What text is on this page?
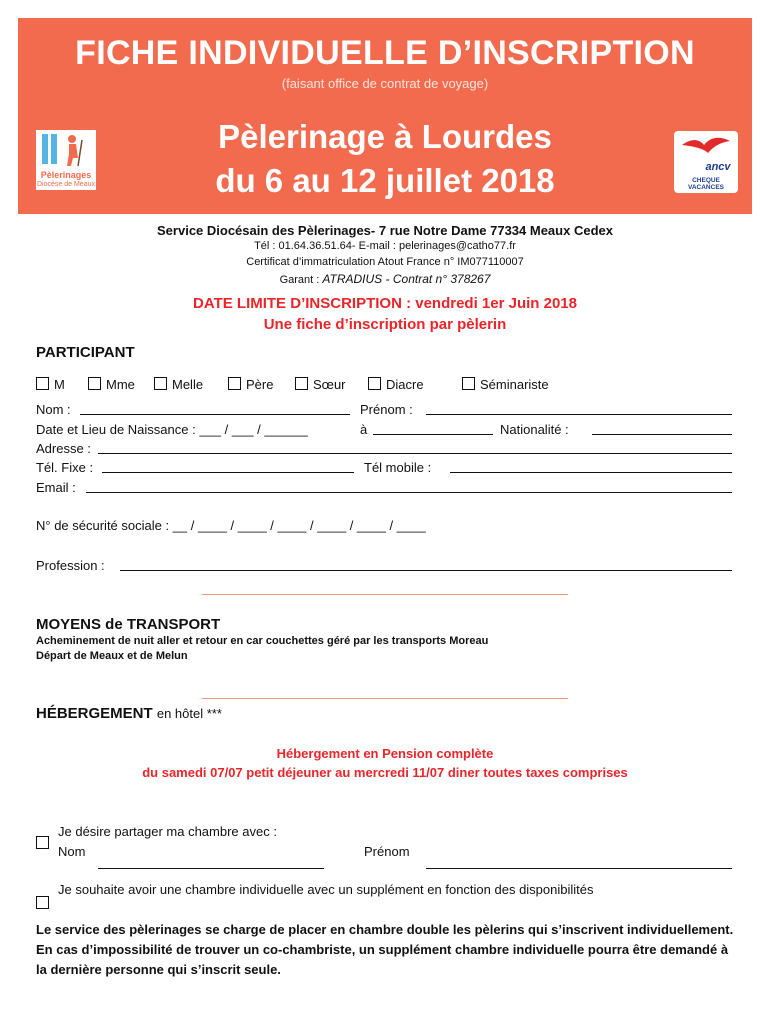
FICHE INDIVIDUELLE D’INSCRIPTION
(faisant office de contrat de voyage)
Pèlerinage à Lourdes
du 6 au 12 juillet 2018
Pèlerinages
Diocèse de Meaux
ancv
CHEQUE VACANCES
Service Diocésain des Pèlerinages- 7 rue Notre Dame 77334 Meaux Cedex
Tél : 01.64.36.51.64- E-mail : pelerinages@catho77.fr
Certificat d’immatriculation Atout France n° IM077110007
Garant : ATRADIUS - Contrat n° 378267
DATE LIMITE D’INSCRIPTION : vendredi 1er Juin 2018
Une fiche d’inscription par pèlerin
PARTICIPANT
M	Mme	Melle	Père	Sœur	Diacre	Séminariste
Nom :	Prénom :
Date et Lieu de Naissance : ___ / ___ / ______	à	Nationalité :
Adresse :
Tél. Fixe :	Tél mobile :
Email :
N° de sécurité sociale : __ / ____ / ____ / ____ / ____ / ____ / ____
Profession :
MOYENS de TRANSPORT
Acheminement de nuit aller et retour en car couchettes géré par les transports Moreau
Départ de Meaux et de Melun
HÉBERGEMENT en hôtel ***
Hébergement en Pension complète
du samedi 07/07 petit déjeuner au mercredi 11/07 diner toutes taxes comprises
Je désire partager ma chambre avec :
Nom	Prénom
Je souhaite avoir une chambre individuelle avec un supplément en fonction des disponibilités
Le service des pèlerinages se charge de placer en chambre double les pèlerins qui s’inscrivent individuellement. En cas d’impossibilité de trouver un co-chambriste, un supplément chambre individuelle pourra être demandé à la dernière personne qui s’inscrit seule.
